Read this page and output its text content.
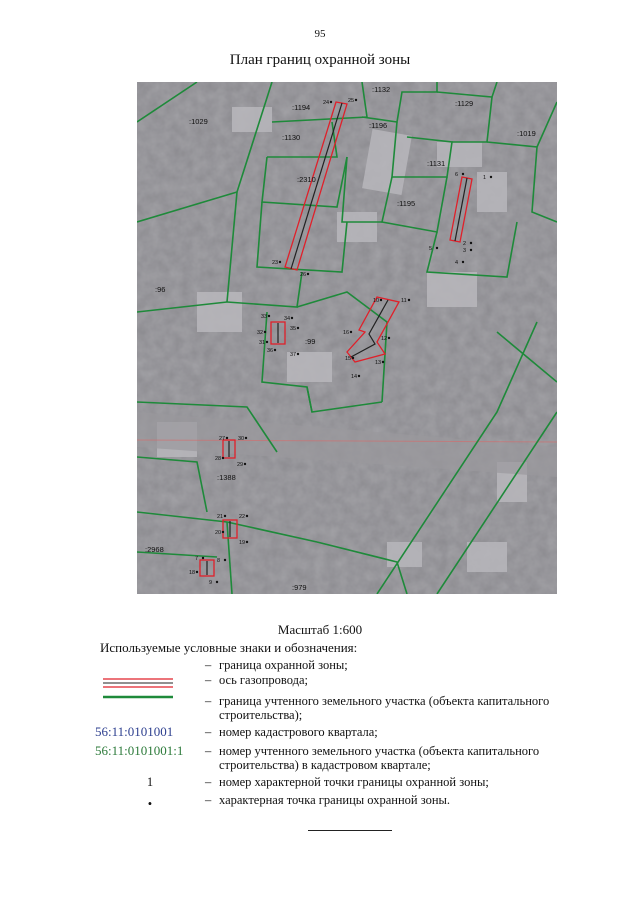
95
План границ охранной зоны
:1132
:1194	:1129
:1029
:1130
:1196
:1019
:1131
:2310
:1195
:96
:99
:1388
:2968
:979
24	25
1
2
3
4
5
6
23
26
10	11
16
12
13
14
15
33	34
32
35
31
36
37
27 30
28
29
21	22
20
19
7	8
18
9
Масштаб 1:600
Используемые условные знаки и обозначения:
– граница охранной зоны;
– ось газопровода;
– граница учтенного земельного участка (объекта капитального строительства);
56:11:0101001	– номер кадастрового квартала;
56:11:0101001:1	– номер учтенного земельного участка (объекта капитального строительства) в кадастровом квартале;
1	– номер характерной точки границы охранной зоны;
•	– характерная точка границы охранной зоны.
